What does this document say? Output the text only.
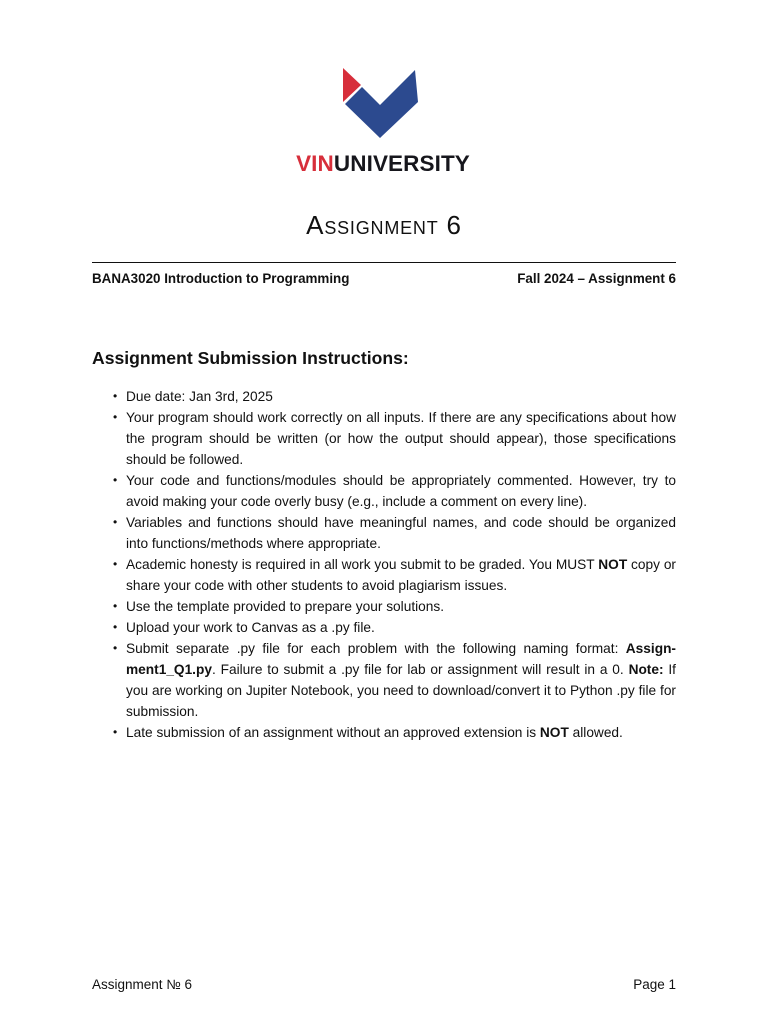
VINUNIVERSITY
Assignment 6
BANA3020 Introduction to Programming	Fall 2024 – Assignment 6
Assignment Submission Instructions:
• Due date: Jan 3rd, 2025
• Your program should work correctly on all inputs. If there are any specifications about how the program should be written (or how the output should appear), those specifications should be followed.
• Your code and functions/modules should be appropriately commented. However, try to avoid making your code overly busy (e.g., include a comment on every line).
• Variables and functions should have meaningful names, and code should be organized into functions/methods where appropriate.
• Academic honesty is required in all work you submit to be graded. You MUST NOT copy or share your code with other students to avoid plagiarism issues.
• Use the template provided to prepare your solutions.
• Upload your work to Canvas as a .py file.
• Submit separate .py file for each problem with the following naming format: Assign-ment1_Q1.py. Failure to submit a .py file for lab or assignment will result in a 0. Note: If you are working on Jupiter Notebook, you need to download/convert it to Python .py file for submission.
• Late submission of an assignment without an approved extension is NOT allowed.
Assignment № 6	Page 1
